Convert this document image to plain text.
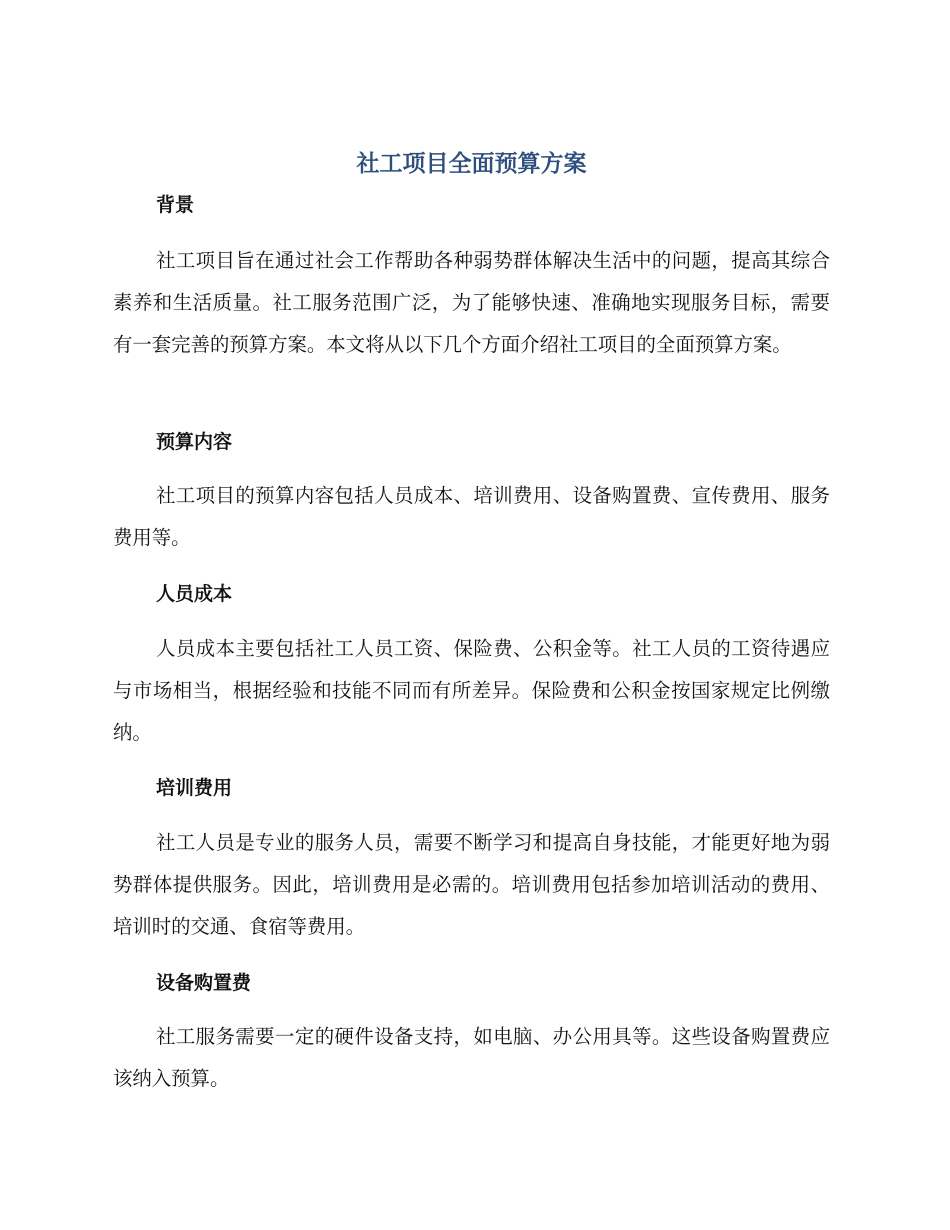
社工项目全面预算方案
背景

社工项目旨在通过社会工作帮助各种弱势群体解决生活中的问题，提高其综合素养和生活质量。社工服务范围广泛，为了能够快速、准确地实现服务目标，需要有一套完善的预算方案。本文将从以下几个方面介绍社工项目的全面预算方案。

预算内容

社工项目的预算内容包括人员成本、培训费用、设备购置费、宣传费用、服务费用等。

人员成本

人员成本主要包括社工人员工资、保险费、公积金等。社工人员的工资待遇应与市场相当，根据经验和技能不同而有所差异。保险费和公积金按国家规定比例缴纳。

培训费用

社工人员是专业的服务人员，需要不断学习和提高自身技能，才能更好地为弱势群体提供服务。因此，培训费用是必需的。培训费用包括参加培训活动的费用、培训时的交通、食宿等费用。

设备购置费

社工服务需要一定的硬件设备支持，如电脑、办公用具等。这些设备购置费应该纳入预算。
